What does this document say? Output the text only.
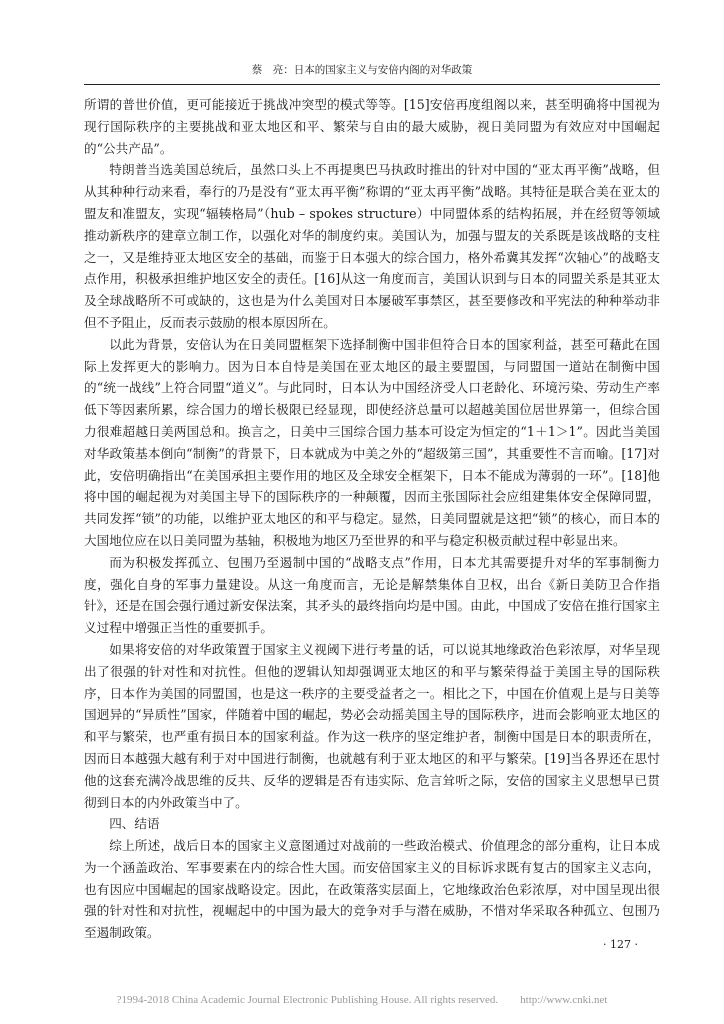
蔡　亮：日本的国家主义与安倍内阁的对华政策

所谓的普世价值，更可能接近于挑战冲突型的模式等等。[15]安倍再度组阁以来，甚至明确将中国视为现行国际秩序的主要挑战和亚太地区和平、繁荣与自由的最大威胁，视日美同盟为有效应对中国崛起的“公共产品”。

特朗普当选美国总统后，虽然口头上不再提奥巴马执政时推出的针对中国的“亚太再平衡”战略，但从其种种行动来看，奉行的乃是没有“亚太再平衡”称谓的“亚太再平衡”战略。其特征是联合美在亚太的盟友和准盟友，实现“辐辏格局”（hub – spokes structure）中同盟体系的结构拓展，并在经贸等领域推动新秩序的建章立制工作，以强化对华的制度约束。美国认为，加强与盟友的关系既是该战略的支柱之一，又是维持亚太地区安全的基础，而鉴于日本强大的综合国力，格外希冀其发挥“次轴心”的战略支点作用，积极承担维护地区安全的责任。[16]从这一角度而言，美国认识到与日本的同盟关系是其亚太及全球战略所不可或缺的，这也是为什么美国对日本屡破军事禁区，甚至要修改和平宪法的种种举动非但不予阻止，反而表示鼓励的根本原因所在。

以此为背景，安倍认为在日美同盟框架下选择制衡中国非但符合日本的国家利益，甚至可藉此在国际上发挥更大的影响力。因为日本自恃是美国在亚太地区的最主要盟国，与同盟国一道站在制衡中国的“统一战线”上符合同盟“道义”。与此同时，日本认为中国经济受人口老龄化、环境污染、劳动生产率低下等因素所累，综合国力的增长极限已经显现，即使经济总量可以超越美国位居世界第一，但综合国力很难超越日美两国总和。换言之，日美中三国综合国力基本可设定为恒定的“1＋1＞1”。因此当美国对华政策基本倒向“制衡”的背景下，日本就成为中美之外的“超级第三国”，其重要性不言而喻。[17]对此，安倍明确指出“在美国承担主要作用的地区及全球安全框架下，日本不能成为薄弱的一环”。[18]他将中国的崛起视为对美国主导下的国际秩序的一种颠覆，因而主张国际社会应组建集体安全保障同盟，共同发挥“锁”的功能，以维护亚太地区的和平与稳定。显然，日美同盟就是这把“锁”的核心，而日本的大国地位应在以日美同盟为基轴，积极地为地区乃至世界的和平与稳定积极贡献过程中彰显出来。

而为积极发挥孤立、包围乃至遏制中国的“战略支点”作用，日本尤其需要提升对华的军事制衡力度，强化自身的军事力量建设。从这一角度而言，无论是解禁集体自卫权，出台《新日美防卫合作指针》，还是在国会强行通过新安保法案，其矛头的最终指向均是中国。由此，中国成了安倍在推行国家主义过程中增强正当性的重要抓手。

如果将安倍的对华政策置于国家主义视阈下进行考量的话，可以说其地缘政治色彩浓厚，对华呈现出了很强的针对性和对抗性。但他的逻辑认知却强调亚太地区的和平与繁荣得益于美国主导的国际秩序，日本作为美国的同盟国，也是这一秩序的主要受益者之一。相比之下，中国在价值观上是与日美等国迥异的“异质性”国家，伴随着中国的崛起，势必会动摇美国主导的国际秩序，进而会影响亚太地区的和平与繁荣，也严重有损日本的国家利益。作为这一秩序的坚定维护者，制衡中国是日本的职责所在，因而日本越强大越有利于对中国进行制衡，也就越有利于亚太地区的和平与繁荣。[19]当各界还在思忖他的这套充满冷战思维的反共、反华的逻辑是否有违实际、危言耸听之际，安倍的国家主义思想早已贯彻到日本的内外政策当中了。

四、结语

综上所述，战后日本的国家主义意图通过对战前的一些政治模式、价值理念的部分重构，让日本成为一个涵盖政治、军事要素在内的综合性大国。而安倍国家主义的目标诉求既有复古的国家主义志向，也有因应中国崛起的国家战略设定。因此，在政策落实层面上，它地缘政治色彩浓厚，对中国呈现出很强的针对性和对抗性，视崛起中的中国为最大的竞争对手与潜在威胁，不惜对华采取各种孤立、包围乃至遏制政策。

· 127 ·
?1994-2018 China Academic Journal Electronic Publishing House. All rights reserved.　　http://www.cnki.net
